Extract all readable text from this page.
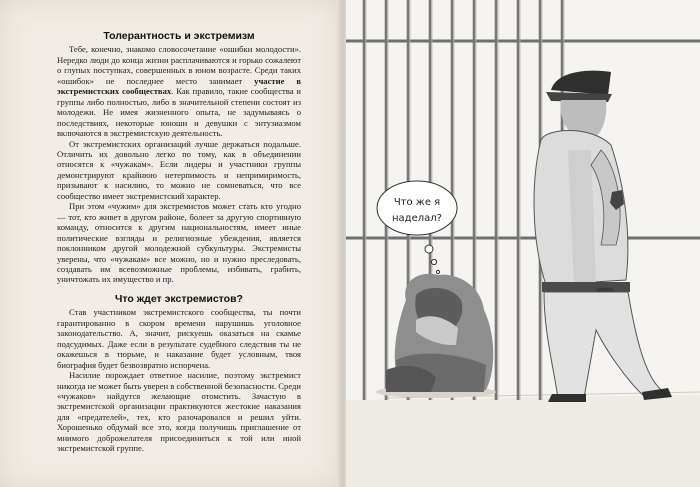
Толерантность и экстремизм

Тебе, конечно, знакомо словосочетание «ошибки молодости». Нередко люди до конца жизни расплачиваются и горько сожалеют о глупых поступках, совершенных в юном возрасте. Среди таких «ошибок» не последнее место занимает участие в экстремистских сообществах. Как правило, такие сообщества и группы либо полностью, либо в значительной степени состоят из молодежи. Не имея жизненного опыта, не задумываясь о последствиях, некоторые юноши и девушки с энтузиазмом включаются в экстремистскую деятельность.

От экстремистских организаций лучше держаться подальше. Отличить их довольно легко по тому, как в объединении относятся к «чужакам». Если лидеры и участники группы демонстрируют крайнюю нетерпимость и непримиримость, призывают к насилию, то можно не сомневаться, что все сообщество имеет экстремистский характер.

При этом «чужим» для экстремистов может стать кто угодно — тот, кто живет в другом районе, болеет за другую спортивную команду, относится к другим национальностям, имеет иные политические взгляды и религиозные убеждения, является поклонником другой молодежной субкультуры. Экстремисты уверены, что «чужакам» все можно, но и нужно преследовать, создавать им всевозможные проблемы, избивать, грабить, уничтожать их имущество и пр.

Что ждет экстремистов?

Став участником экстремистского сообщества, ты почти гарантированно в скором времени нарушишь уголовное законодательство. А, значит, рискуешь оказаться на скамье подсудимых. Даже если в результате судебного следствия ты не окажешься в тюрьме, и наказание будет условным, твоя биография будет безвозвратно испорчена.

Насилие порождает ответное насилие, поэтому экстремист никогда не может быть уверен в собственной безопасности. Среди «чужаков» найдутся желающие отомстить. Зачастую в экстремистской организации практикуются жестокие наказания для «предателей», тех, кто разочаровался и решил уйти. Хорошенько обдумай все это, когда получишь приглашение от мнимого доброжелателя присоединиться к той или иной экстремистской группе.

Что же я
наделал?
